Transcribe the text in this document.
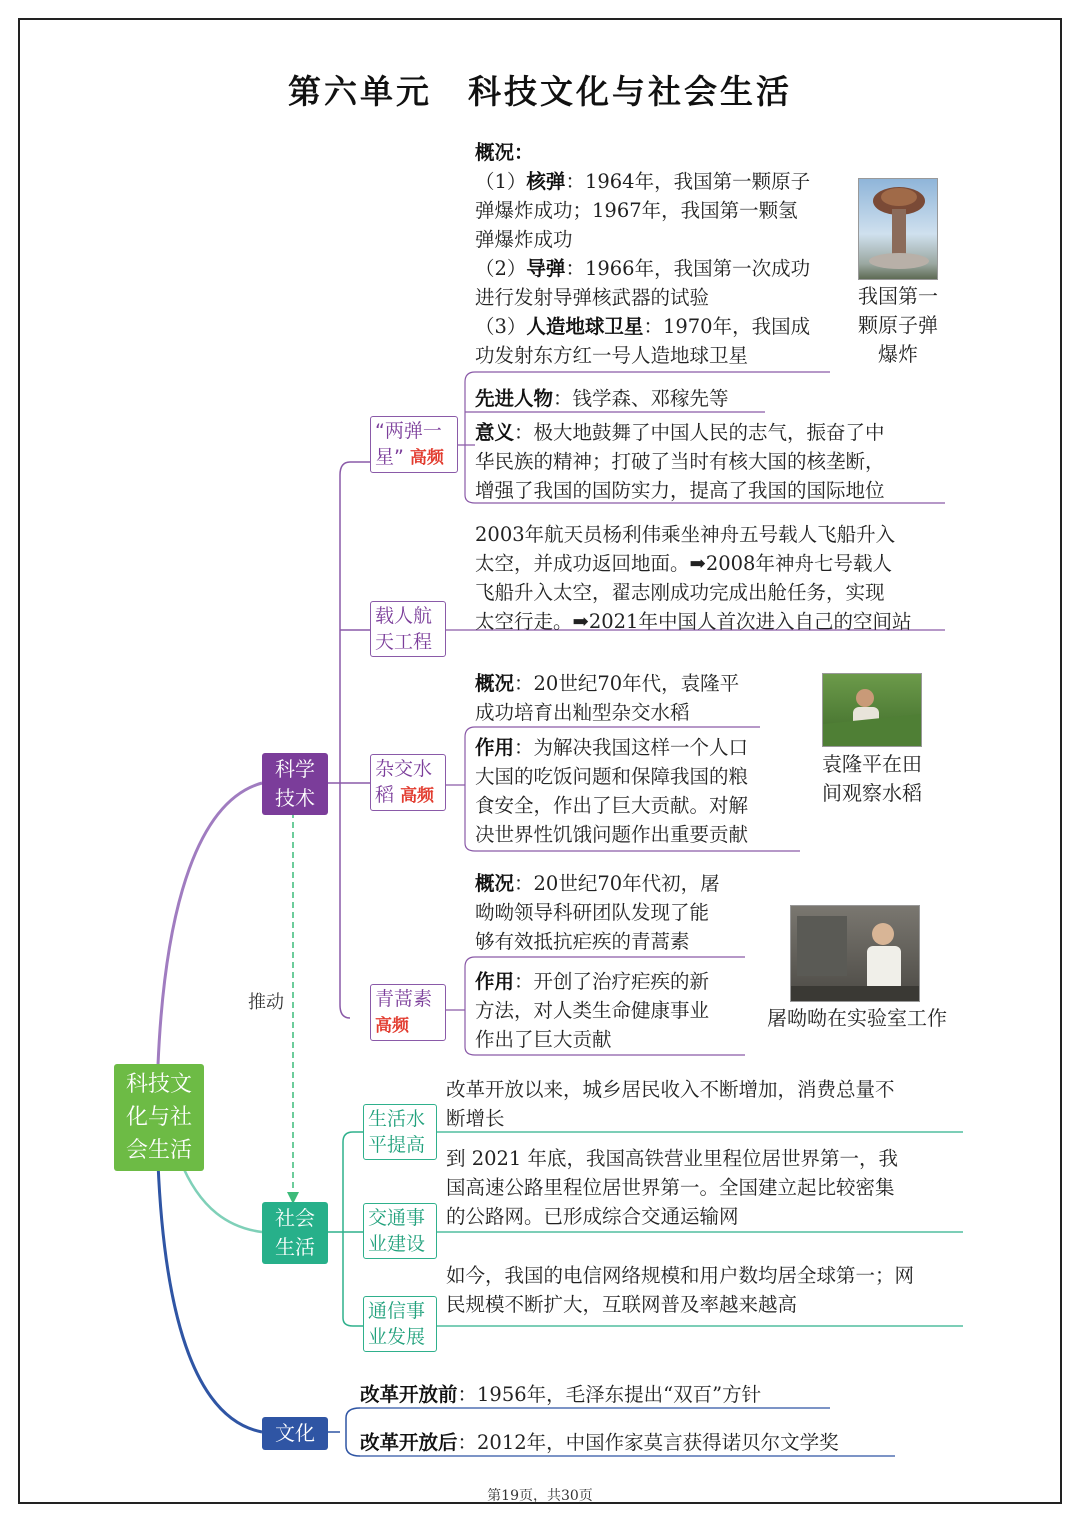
第六单元 科技文化与社会生活
科技文
化与社
会生活
科学
技术
社会
生活
文化
推动
“两弹一
星” 高频
概况：
（1）核弹：1964年，我国第一颗原子
弹爆炸成功；1967年，我国第一颗氢
弹爆炸成功
（2）导弹：1966年，我国第一次成功
进行发射导弹核武器的试验
（3）人造地球卫星：1970年，我国成
功发射东方红一号人造地球卫星
我国第一
颗原子弹
爆炸
先进人物：钱学森、邓稼先等
意义：极大地鼓舞了中国人民的志气，振奋了中
华民族的精神；打破了当时有核大国的核垄断，
增强了我国的国防实力，提高了我国的国际地位
载人航
天工程
2003年航天员杨利伟乘坐神舟五号载人飞船升入
太空，并成功返回地面。➡2008年神舟七号载人
飞船升入太空，翟志刚成功完成出舱任务，实现
太空行走。➡2021年中国人首次进入自己的空间站
杂交水
稻 高频
概况：20世纪70年代，袁隆平
成功培育出籼型杂交水稻
作用：为解决我国这样一个人口
大国的吃饭问题和保障我国的粮
食安全，作出了巨大贡献。对解
决世界性饥饿问题作出重要贡献
袁隆平在田
间观察水稻
青蒿素
高频
概况：20世纪70年代初，屠
呦呦领导科研团队发现了能
够有效抵抗疟疾的青蒿素
作用：开创了治疗疟疾的新
方法，对人类生命健康事业
作出了巨大贡献
屠呦呦在实验室工作
生活水
平提高
改革开放以来，城乡居民收入不断增加，消费总量不
断增长
交通事
业建设
到 2021 年底，我国高铁营业里程位居世界第一，我
国高速公路里程位居世界第一。全国建立起比较密集
的公路网。已形成综合交通运输网
通信事
业发展
如今，我国的电信网络规模和用户数均居全球第一；网
民规模不断扩大，互联网普及率越来越高
改革开放前：1956年，毛泽东提出“双百”方针
改革开放后：2012年，中国作家莫言获得诺贝尔文学奖
第19页，共30页
